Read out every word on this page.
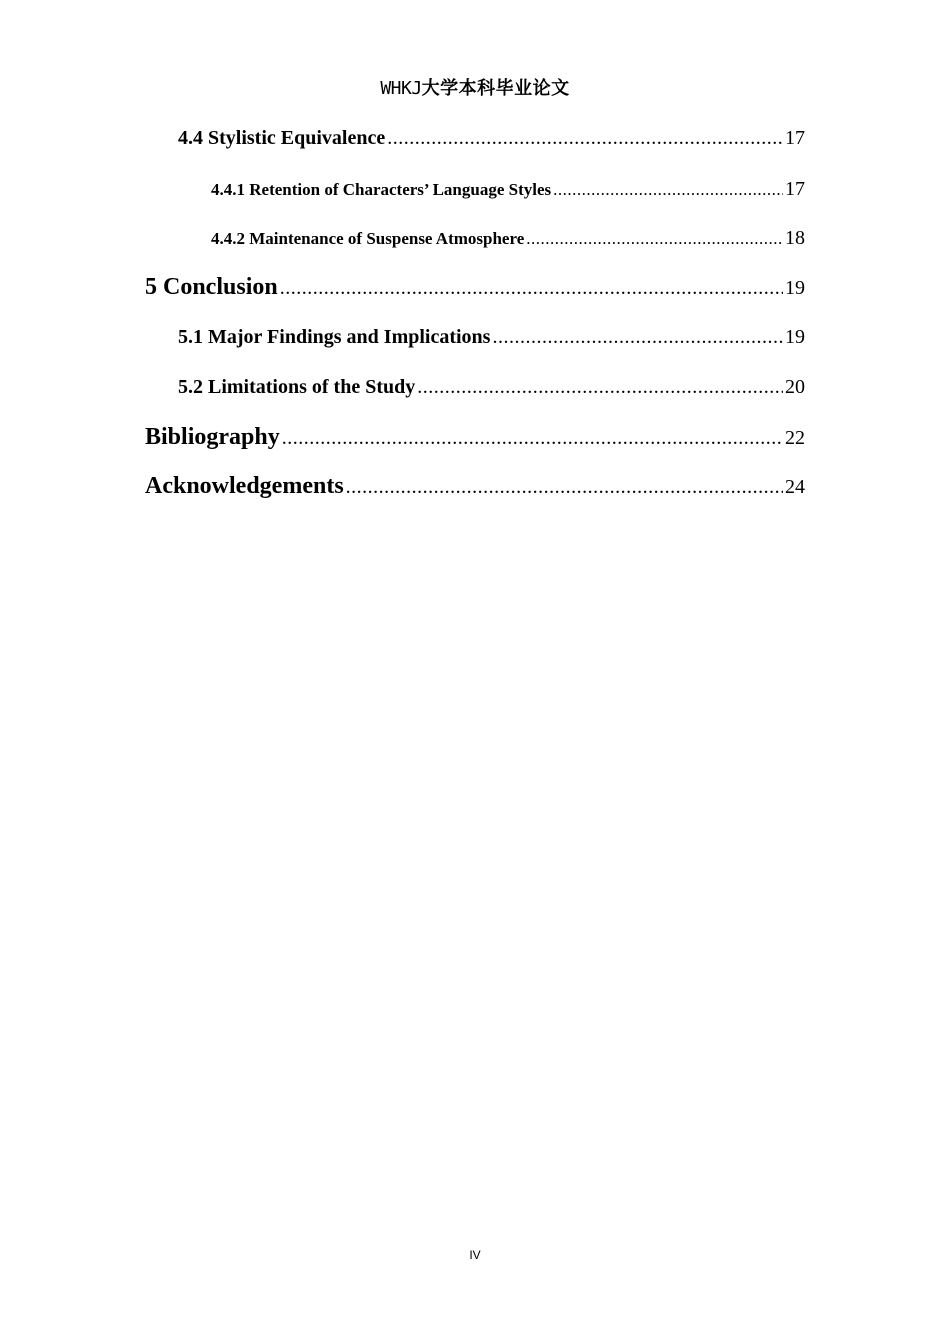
WHKJ大学本科毕业论文
4.4 Stylistic Equivalence .....	17
4.4.1 Retention of Characters’ Language Styles .....	17
4.4.2 Maintenance of Suspense Atmosphere .....	18
5 Conclusion .....	19
5.1 Major Findings and Implications .....	19
5.2 Limitations of the Study .....	20
Bibliography .....	22
Acknowledgements .....	24
IV
